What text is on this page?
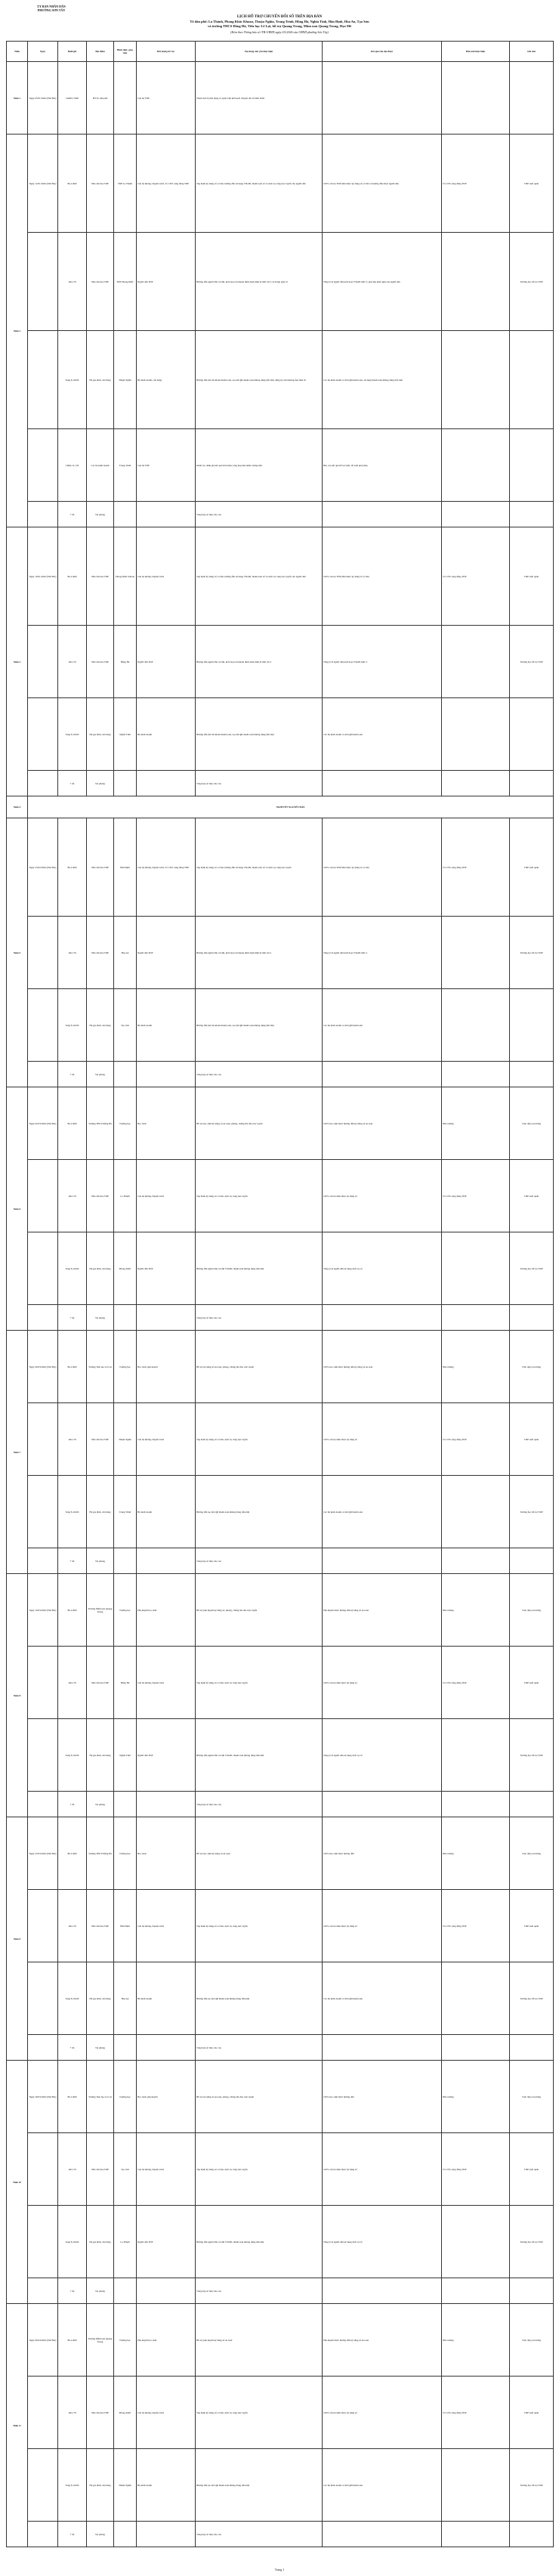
ỦY BAN NHÂN DÂN
PHƯỜNG SƠN TÂY
LỊCH HỖ TRỢ CHUYỂN ĐỔI SỐ TRÊN ĐỊA BÀN
Tổ dân phố: La Thành, Phong Khắc Khoan, Thuận Nghĩa, Trung Trinh, Hồng Hà, Nghĩa Tình, Hân Định, Hòa An, Tạo Sơn
và trường THCS Đồng Hà, Tiểu học Lê Lợi, hỗ trợ Quang Trung, Mầm non Quang Trung, Hạo Mê
(Kèm theo Thông báo số /TB-UBND ngày /01/2026 của UBND phường Sơn Tây)
Tuần	Ngày	Buổi/giờ	Địa điểm	Hình thức, giao viên	Đối tượng hỗ trợ	Nội dung chủ yếu thực hiện	Kết quả cần đạt được	Đầu mối thực hiện	Ghi chú
Tuần 1	Ngày 05/01/2026 (Thứ Hai)	14h00-17h00	HT Tổ dân phố		Cán bộ TDP	Tham dự Lễ phát động và quán triệt kế hoạch chuyển đổi số năm 2026			
Tuần 2	Ngày 12/01/2026 (Thứ Hai)	8h-11h00	Nhà văn hóa TDP	TDP La Thành	Cán bộ không chuyên trách, Tổ CNS cộng đồng TDP	Tập huấn kỹ năng số cơ bản, hướng dẫn sử dụng VNeID, thanh toán số và dịch vụ công trực tuyến cho người dân	100% cán bộ TDP nắm được kỹ năng số cơ bản và hướng dẫn được người dân	Tổ CNS cộng đồng TDP	TDP xuất quân
		14h-17h	Nhà văn hóa TDP	TDP Phong Khắc	Người dân TDP	Hướng dẫn người dân cài đặt, kích hoạt tài khoản định danh điện tử mức độ 2, tích hợp giấy tờ	Tăng tỷ lệ người dân kích hoạt VNeID mức 2; giải đáp kiến nghị của người dân		Trường học hỗ trợ TDP
		Sáng 8-11h00	Hộ gia đình, cửa hàng	Thuận Nghĩa	Hộ kinh doanh, cửa hàng	Hướng dẫn mở tài khoản thanh toán, tạo mã QR thanh toán không dùng tiền mặt, đăng ký sàn thương mại điện tử	Các hộ kinh doanh có mã QR thanh toán, sử dụng thanh toán không dùng tiền mặt		
		Chiều 14-17h	Các hộ kinh doanh	Trung Trinh	Cán bộ TDP	Kiểm tra, đánh giá kết quả triển khai, tổng hợp khó khăn vướng mắc	Báo cáo kết quả hỗ trợ tuần, đề xuất giải pháp		
		7 tối	Tại phòng			Tổng hợp số liệu, báo cáo			
Tuần 3	Ngày 19/01/2026 (Thứ Hai)	8h-11h00	Nhà văn hóa TDP	Phong Khắc Khoan	Cán bộ không chuyên trách	Tập huấn kỹ năng số cơ bản, hướng dẫn sử dụng VNeID, thanh toán số và dịch vụ công trực tuyến cho người dân	100% cán bộ TDP nắm được kỹ năng số cơ bản	Tổ CNS cộng đồng TDP	TDP xuất quân
		14h-17h	Nhà văn hóa TDP	Hồng Hà	Người dân TDP	Hướng dẫn người dân cài đặt, kích hoạt tài khoản định danh điện tử mức độ 2	Tăng tỷ lệ người dân kích hoạt VNeID mức 2		Trường học hỗ trợ TDP
		Sáng 8-11h00	Hộ gia đình, cửa hàng	Nghĩa Tình	Hộ kinh doanh	Hướng dẫn mở tài khoản thanh toán, tạo mã QR thanh toán không dùng tiền mặt	Các hộ kinh doanh có mã QR thanh toán		
		7 tối	Tại phòng			Tổng hợp số liệu, báo cáo			
Tuần 4	NGHỈ TẾT NGUYÊN ĐÁN								
Tuần 5	Ngày 23/02/2026 (Thứ Hai)	8h-11h00	Nhà văn hóa TDP	Hân Định	Cán bộ không chuyên trách, Tổ CNS cộng đồng TDP	Tập huấn kỹ năng số cơ bản, hướng dẫn sử dụng VNeID, thanh toán số và dịch vụ công trực tuyến	100% cán bộ TDP nắm được kỹ năng số cơ bản	Tổ CNS cộng đồng TDP	TDP xuất quân
		14h-17h	Nhà văn hóa TDP	Hòa An	Người dân TDP	Hướng dẫn người dân cài đặt, kích hoạt tài khoản định danh điện tử mức độ 2	Tăng tỷ lệ người dân kích hoạt VNeID mức 2		Trường học hỗ trợ TDP
		Sáng 8-11h00	Hộ gia đình, cửa hàng	Tạo Sơn	Hộ kinh doanh	Hướng dẫn mở tài khoản thanh toán, tạo mã QR thanh toán không dùng tiền mặt	Các hộ kinh doanh có mã QR thanh toán		
		7 tối	Tại phòng			Tổng hợp số liệu, báo cáo			
Tuần 6	Ngày 02/03/2026 (Thứ Hai)	8h-11h00	Trường THCS Đồng Hà	Trường học	Học sinh	Hỗ trợ học sinh kỹ năng số an toàn, phòng, chống lừa đảo trực tuyến	100% học sinh được hướng dẫn kỹ năng số an toàn	Nhà trường	Trực tiếp tại trường
		14h-17h	Nhà văn hóa TDP	La Thành	Cán bộ không chuyên trách	Tập huấn kỹ năng số cơ bản, dịch vụ công trực tuyến	100% cán bộ nắm được kỹ năng số	Tổ CNS cộng đồng TDP	TDP xuất quân
		Sáng 8-11h00	Hộ gia đình, cửa hàng	Phong Khắc	Người dân TDP	Hướng dẫn người dân cài đặt VNeID, thanh toán không dùng tiền mặt	Tăng tỷ lệ người dân sử dụng dịch vụ số		Trường học hỗ trợ TDP
		7 tối	Tại phòng			Tổng hợp số liệu, báo cáo			
Tuần 7	Ngày 09/03/2026 (Thứ Hai)	8h-11h00	Trường Tiểu học Lê Lợi	Trường học	Học sinh, phụ huynh	Hỗ trợ kỹ năng số an toàn, phòng, chống lừa đảo trực tuyến	100% học sinh được hướng dẫn kỹ năng số an toàn	Nhà trường	Trực tiếp tại trường
		14h-17h	Nhà văn hóa TDP	Thuận Nghĩa	Cán bộ không chuyên trách	Tập huấn kỹ năng số cơ bản, dịch vụ công trực tuyến	100% cán bộ nắm được kỹ năng số	Tổ CNS cộng đồng TDP	TDP xuất quân
		Sáng 8-11h00	Hộ gia đình, cửa hàng	Trung Trinh	Hộ kinh doanh	Hướng dẫn tạo mã QR thanh toán không dùng tiền mặt	Các hộ kinh doanh có mã QR thanh toán		Trường học hỗ trợ TDP
		7 tối	Tại phòng			Tổng hợp số liệu, báo cáo			
Tuần 8	Ngày 16/03/2026 (Thứ Hai)	8h-11h00	Trường Mầm non Quang Trung	Trường học	Phụ huynh học sinh	Hỗ trợ phụ huynh kỹ năng số, phòng, chống lừa đảo trực tuyến	Phụ huynh được hướng dẫn kỹ năng số an toàn	Nhà trường	Trực tiếp tại trường
		14h-17h	Nhà văn hóa TDP	Hồng Hà	Cán bộ không chuyên trách	Tập huấn kỹ năng số cơ bản, dịch vụ công trực tuyến	100% cán bộ nắm được kỹ năng số	Tổ CNS cộng đồng TDP	TDP xuất quân
		Sáng 8-11h00	Hộ gia đình, cửa hàng	Nghĩa Tình	Người dân TDP	Hướng dẫn người dân cài đặt VNeID, thanh toán không dùng tiền mặt	Tăng tỷ lệ người dân sử dụng dịch vụ số		Trường học hỗ trợ TDP
		7 tối	Tại phòng			Tổng hợp số liệu, báo cáo			
Tuần 9	Ngày 23/03/2026 (Thứ Hai)	8h-11h00	Trường THCS Đồng Hà	Trường học	Học sinh	Hỗ trợ học sinh kỹ năng số an toàn	100% học sinh được hướng dẫn	Nhà trường	Trực tiếp tại trường
		14h-17h	Nhà văn hóa TDP	Hân Định	Cán bộ không chuyên trách	Tập huấn kỹ năng số cơ bản, dịch vụ công trực tuyến	100% cán bộ nắm được kỹ năng số	Tổ CNS cộng đồng TDP	TDP xuất quân
		Sáng 8-11h00	Hộ gia đình, cửa hàng	Hòa An	Hộ kinh doanh	Hướng dẫn tạo mã QR thanh toán không dùng tiền mặt	Các hộ kinh doanh có mã QR thanh toán		Trường học hỗ trợ TDP
		7 tối	Tại phòng			Tổng hợp số liệu, báo cáo			
Tuần 10	Ngày 30/03/2026 (Thứ Hai)	8h-11h00	Trường Tiểu học Lê Lợi	Trường học	Học sinh, phụ huynh	Hỗ trợ kỹ năng số an toàn, phòng, chống lừa đảo trực tuyến	100% học sinh được hướng dẫn	Nhà trường	Trực tiếp tại trường
		14h-17h	Nhà văn hóa TDP	Tạo Sơn	Cán bộ không chuyên trách	Tập huấn kỹ năng số cơ bản, dịch vụ công trực tuyến	100% cán bộ nắm được kỹ năng số	Tổ CNS cộng đồng TDP	TDP xuất quân
		Sáng 8-11h00	Hộ gia đình, cửa hàng	La Thành	Người dân TDP	Hướng dẫn người dân cài đặt VNeID, thanh toán không dùng tiền mặt	Tăng tỷ lệ người dân sử dụng dịch vụ số		Trường học hỗ trợ TDP
		7 tối	Tại phòng			Tổng hợp số liệu, báo cáo			
Tuần 11	Ngày 06/04/2026 (Thứ Hai)	8h-11h00	Trường Mầm non Quang Trung	Trường học	Phụ huynh học sinh	Hỗ trợ phụ huynh kỹ năng số an toàn	Phụ huynh được hướng dẫn kỹ năng số an toàn	Nhà trường	Trực tiếp tại trường
		14h-17h	Nhà văn hóa TDP	Phong Khắc	Cán bộ không chuyên trách	Tập huấn kỹ năng số cơ bản, dịch vụ công trực tuyến	100% cán bộ nắm được kỹ năng số	Tổ CNS cộng đồng TDP	TDP xuất quân
		Sáng 8-11h00	Hộ gia đình, cửa hàng	Thuận Nghĩa	Hộ kinh doanh	Hướng dẫn tạo mã QR thanh toán không dùng tiền mặt	Các hộ kinh doanh có mã QR thanh toán		Trường học hỗ trợ TDP
		7 tối	Tại phòng			Tổng hợp số liệu, báo cáo			
Trang 1
